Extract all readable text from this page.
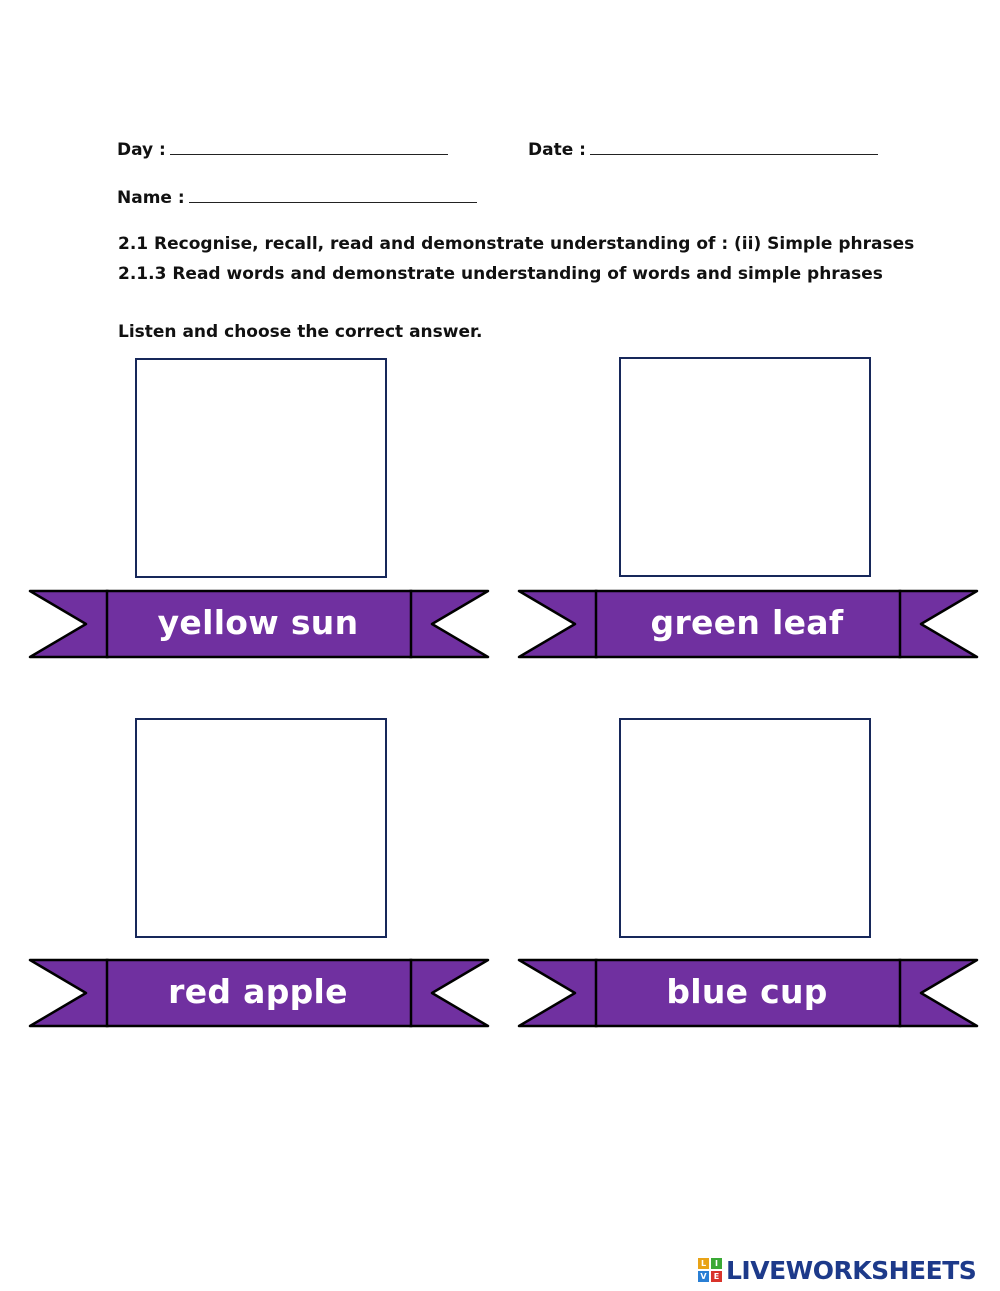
Day :	Date :
Name :
2.1 Recognise, recall, read and demonstrate understanding of : (ii) Simple phrases
2.1.3 Read words and demonstrate understanding of words and simple phrases
Listen and choose the correct answer.
yellow sun	green leaf
red apple	blue cup
L	I
V E LIVEWORKSHEETS
